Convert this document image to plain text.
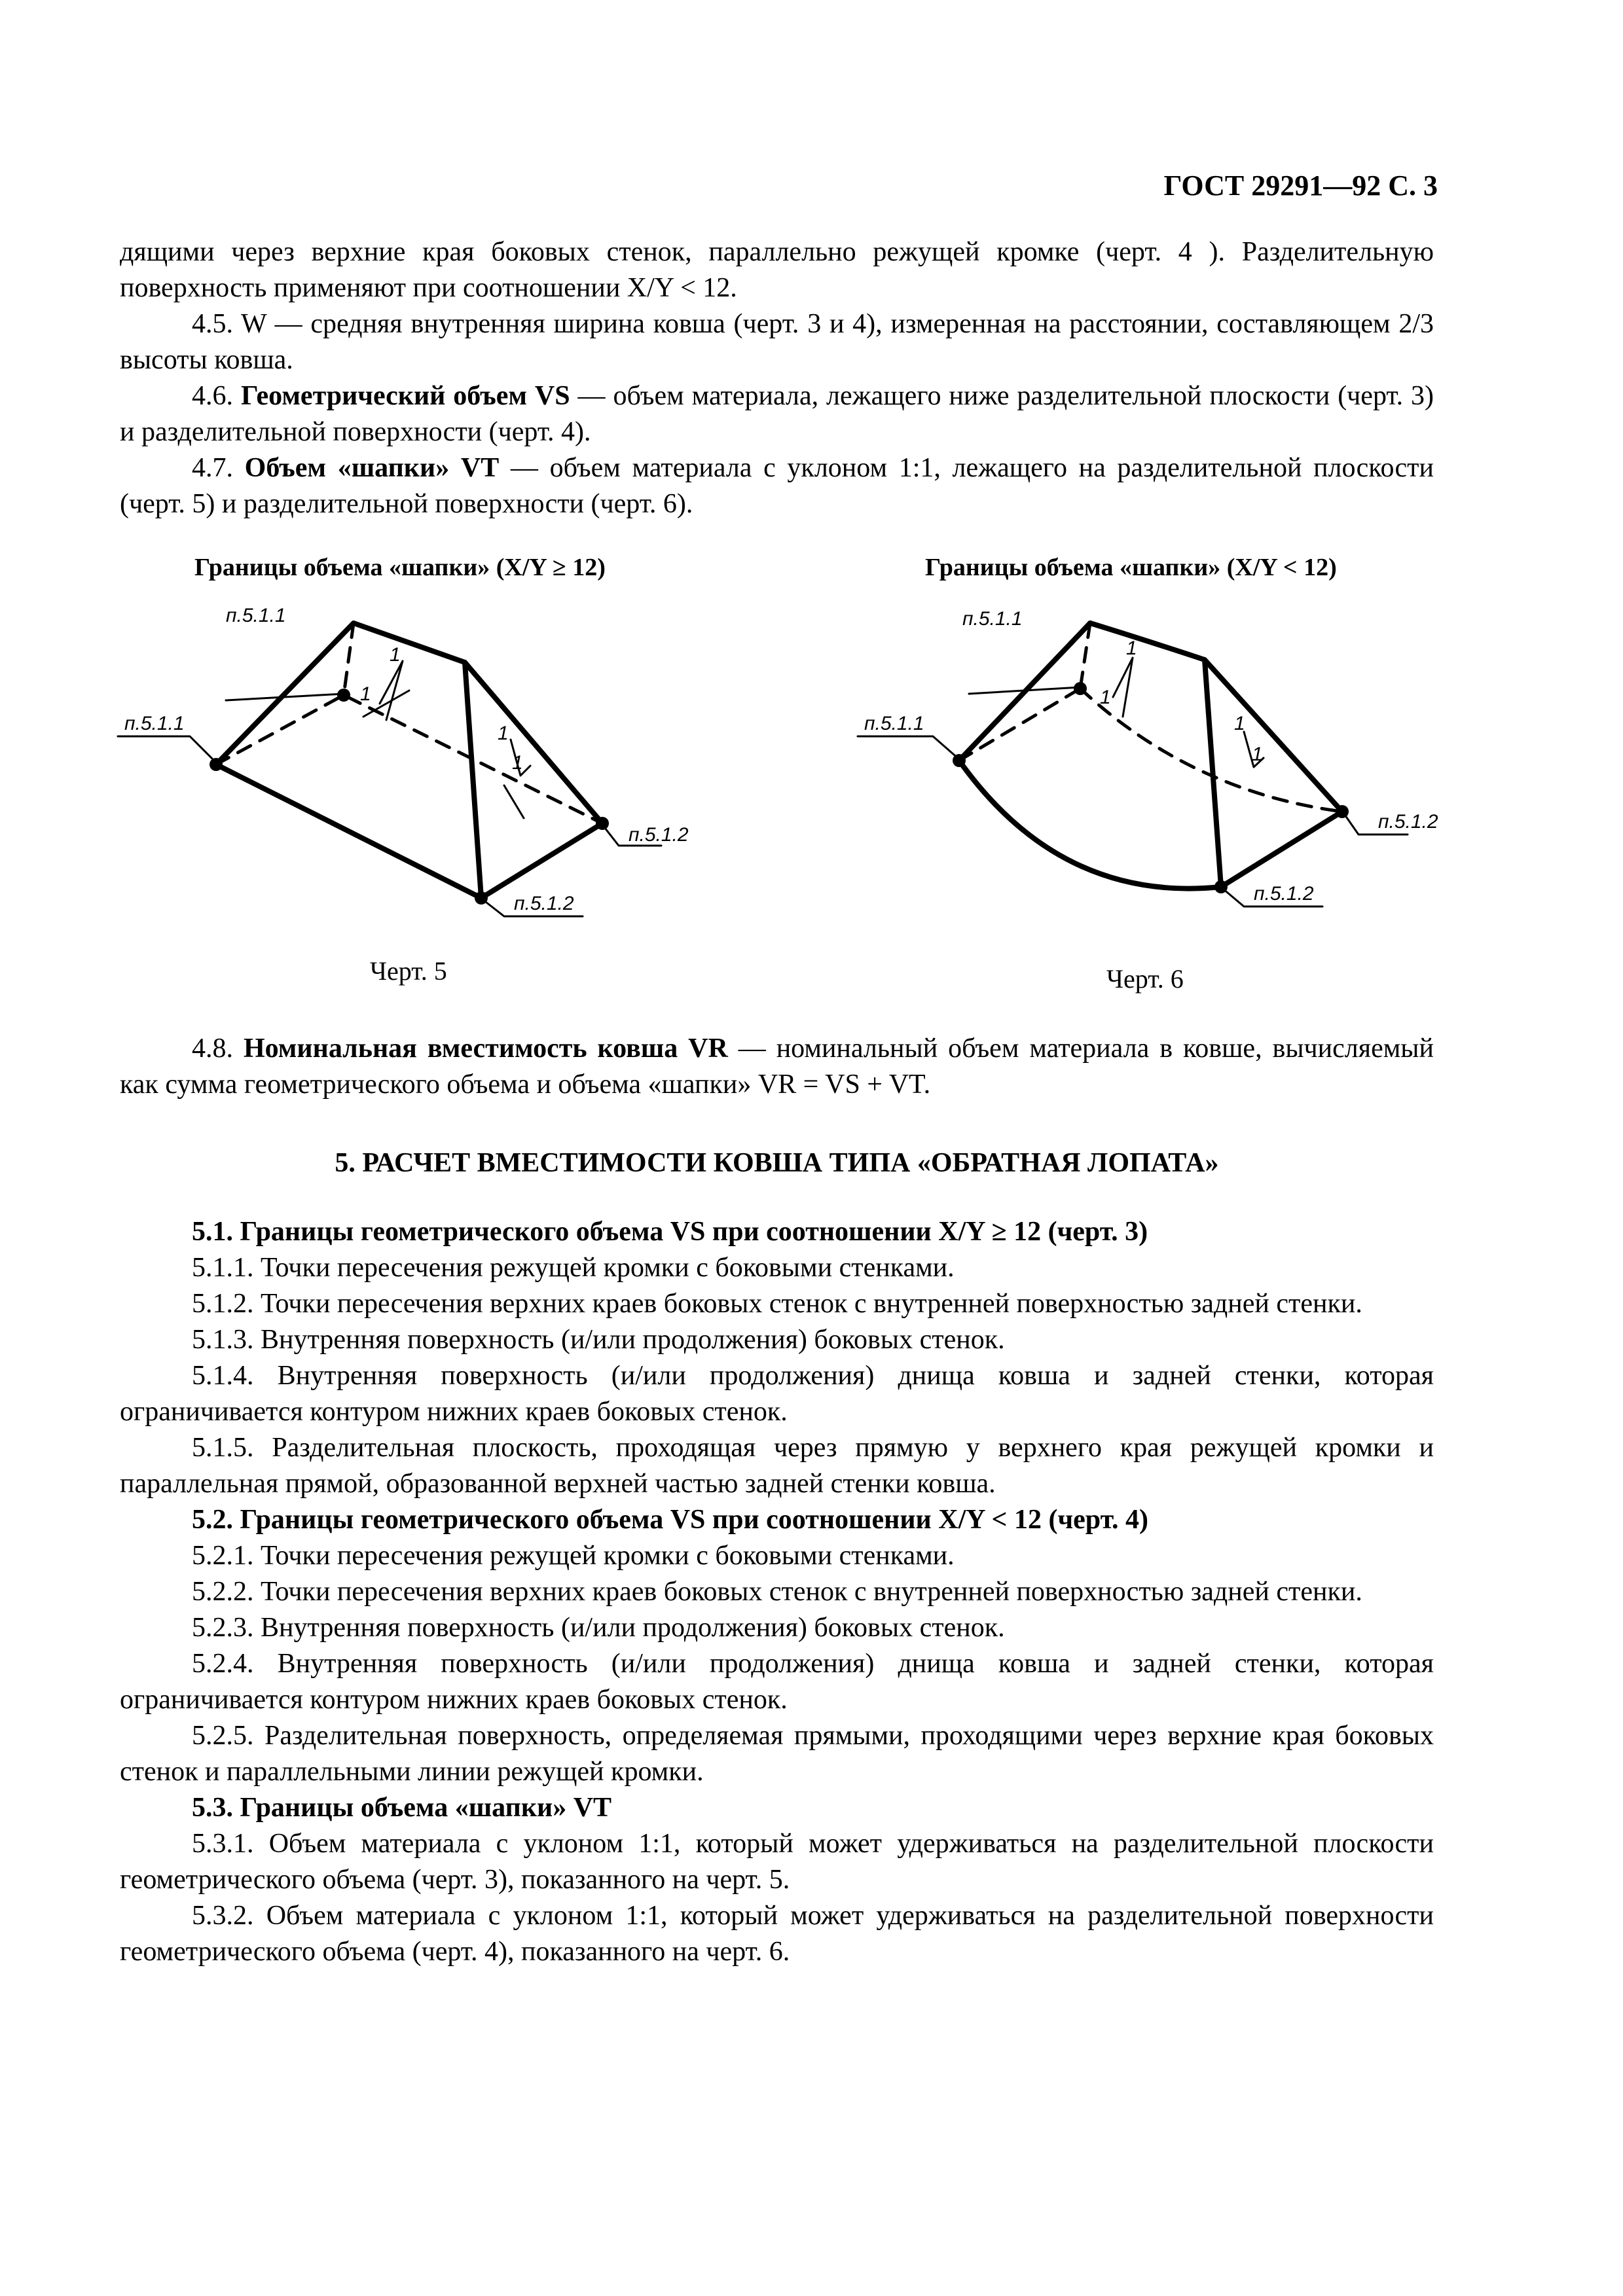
ГОСТ 29291—92 С. 3

дящими через верхние края боковых стенок, параллельно режущей кромке (черт. 4 ). Разделительную поверхность применяют при соотношении X/Y < 12.

4.5. W — средняя внутренняя ширина ковша (черт. 3 и 4), измеренная на расстоянии, составляющем 2/3 высоты ковша.

4.6. Геометрический объем VS — объем материала, лежащего ниже разделительной плоскости (черт. 3) и разделительной поверхности (черт. 4).

4.7. Объем «шапки» VT — объем материала с уклоном 1:1, лежащего на разделительной плоскости (черт. 5) и разделительной поверхности (черт. 6).

Границы объема «шапки» (X/Y ≥ 12)
п.5.1.1
п.5.1.1
п.5.1.2
п.5.1.2
1
1
1
1
Черт. 5
Границы объема «шапки» (X/Y < 12)
п.5.1.1
п.5.1.1
п.5.1.2
п.5.1.2
1
1
1
1
Черт. 6

4.8. Номинальная вместимость ковша VR — номинальный объем материала в ковше, вычисляемый как сумма геометрического объема и объема «шапки» VR = VS + VT.

5. РАСЧЕТ ВМЕСТИМОСТИ КОВША ТИПА «ОБРАТНАЯ ЛОПАТА»

5.1. Границы геометрического объема VS при соотношении X/Y ≥ 12 (черт. 3)

5.1.1. Точки пересечения режущей кромки с боковыми стенками.

5.1.2. Точки пересечения верхних краев боковых стенок с внутренней поверхностью задней стенки.

5.1.3. Внутренняя поверхность (и/или продолжения) боковых стенок.

5.1.4. Внутренняя поверхность (и/или продолжения) днища ковша и задней стенки, которая ограничивается контуром нижних краев боковых стенок.

5.1.5. Разделительная плоскость, проходящая через прямую у верхнего края режущей кромки и параллельная прямой, образованной верхней частью задней стенки ковша.

5.2. Границы геометрического объема VS при соотношении X/Y < 12 (черт. 4)

5.2.1. Точки пересечения режущей кромки с боковыми стенками.

5.2.2. Точки пересечения верхних краев боковых стенок с внутренней поверхностью задней стенки.

5.2.3. Внутренняя поверхность (и/или продолжения) боковых стенок.

5.2.4. Внутренняя поверхность (и/или продолжения) днища ковша и задней стенки, которая ограничивается контуром нижних краев боковых стенок.

5.2.5. Разделительная поверхность, определяемая прямыми, проходящими через верхние края боковых стенок и параллельными линии режущей кромки.

5.3. Границы объема «шапки» VT

5.3.1. Объем материала с уклоном 1:1, который может удерживаться на разделительной плоскости геометрического объема (черт. 3), показанного на черт. 5.

5.3.2. Объем материала с уклоном 1:1, который может удерживаться на разделительной поверхности геометрического объема (черт. 4), показанного на черт. 6.
